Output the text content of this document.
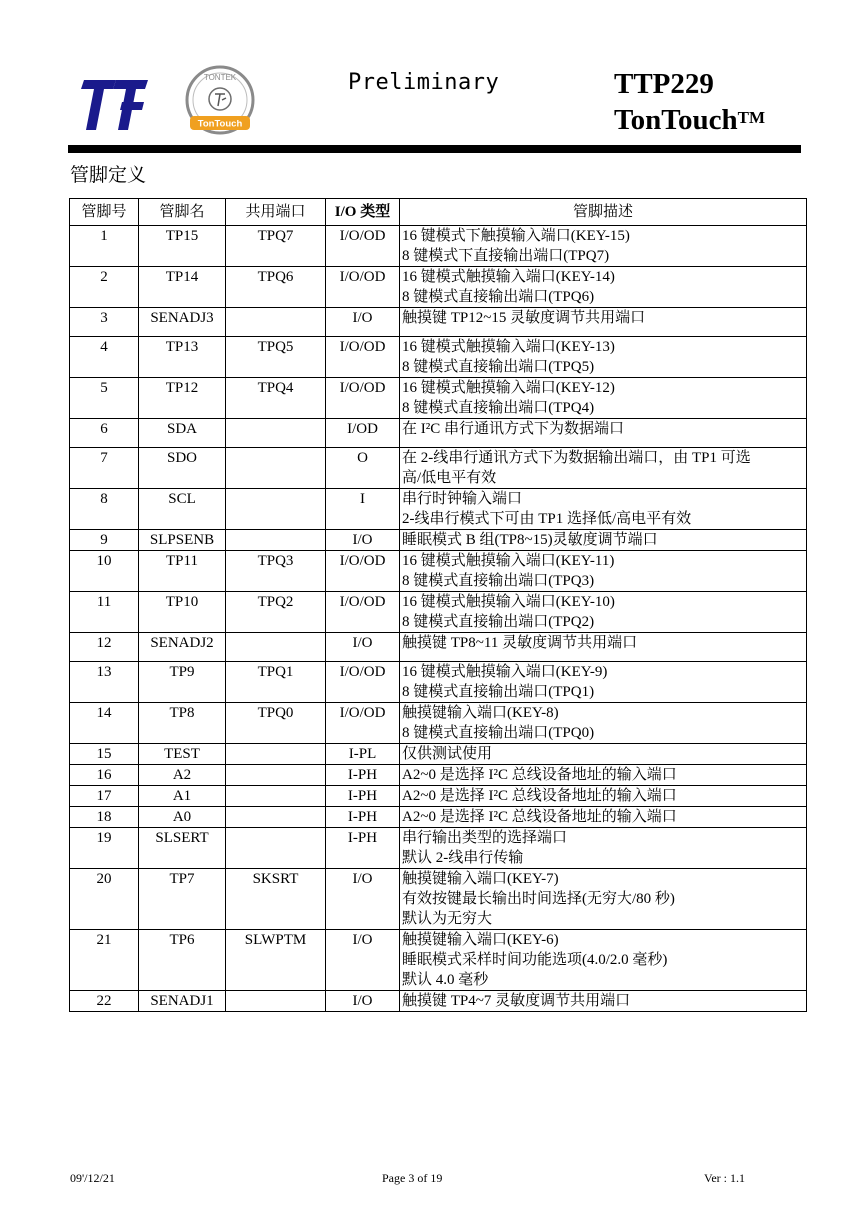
TONTEK
TonTouch
Preliminary	TTP229
TonTouch™
管脚定义
管脚号	管脚名	共用端口	I/O 类型	管脚描述
1	TP15	TPQ7	I/O/OD	16 键模式下触摸输入端口(KEY-15)
8 键模式下直接输出端口(TPQ7)

2	TP14	TPQ6	I/O/OD	16 键模式触摸输入端口(KEY-14)
8 键模式直接输出端口(TPQ6)

3	SENADJ3		I/O	触摸键 TP12~15 灵敏度调节共用端口

4	TP13	TPQ5	I/O/OD	16 键模式触摸输入端口(KEY-13)
8 键模式直接输出端口(TPQ5)

5	TP12	TPQ4	I/O/OD	16 键模式触摸输入端口(KEY-12)
8 键模式直接输出端口(TPQ4)

6	SDA		I/OD	在 I²C 串行通讯方式下为数据端口

7	SDO		O	在 2-线串行通讯方式下为数据输出端口，由 TP1 可选
高/低电平有效

8	SCL		I	串行时钟输入端口
2-线串行模式下可由 TP1 选择低/高电平有效

9	SLPSENB		I/O	睡眠模式 B 组(TP8~15)灵敏度调节端口

10	TP11	TPQ3	I/O/OD	16 键模式触摸输入端口(KEY-11)
8 键模式直接输出端口(TPQ3)

11	TP10	TPQ2	I/O/OD	16 键模式触摸输入端口(KEY-10)
8 键模式直接输出端口(TPQ2)

12	SENADJ2		I/O	触摸键 TP8~11 灵敏度调节共用端口

13	TP9	TPQ1	I/O/OD	16 键模式触摸输入端口(KEY-9)
8 键模式直接输出端口(TPQ1)

14	TP8	TPQ0	I/O/OD	触摸键输入端口(KEY-8)
8 键模式直接输出端口(TPQ0)

15	TEST		I-PL	仅供测试使用

16	A2		I-PH	A2~0 是选择 I²C 总线设备地址的输入端口

17	A1		I-PH	A2~0 是选择 I²C 总线设备地址的输入端口

18	A0		I-PH	A2~0 是选择 I²C 总线设备地址的输入端口

19	SLSERT		I-PH	串行输出类型的选择端口
默认 2-线串行传输

20	TP7	SKSRT	I/O	触摸键输入端口(KEY-7)
有效按键最长输出时间选择(无穷大/80 秒)
默认为无穷大

21	TP6	SLWPTM	I/O	触摸键输入端口(KEY-6)
睡眠模式采样时间功能选项(4.0/2.0 毫秒)
默认 4.0 毫秒

22	SENADJ1		I/O	触摸键 TP4~7 灵敏度调节共用端口
09'/12/21	Page 3 of 19	Ver : 1.1
